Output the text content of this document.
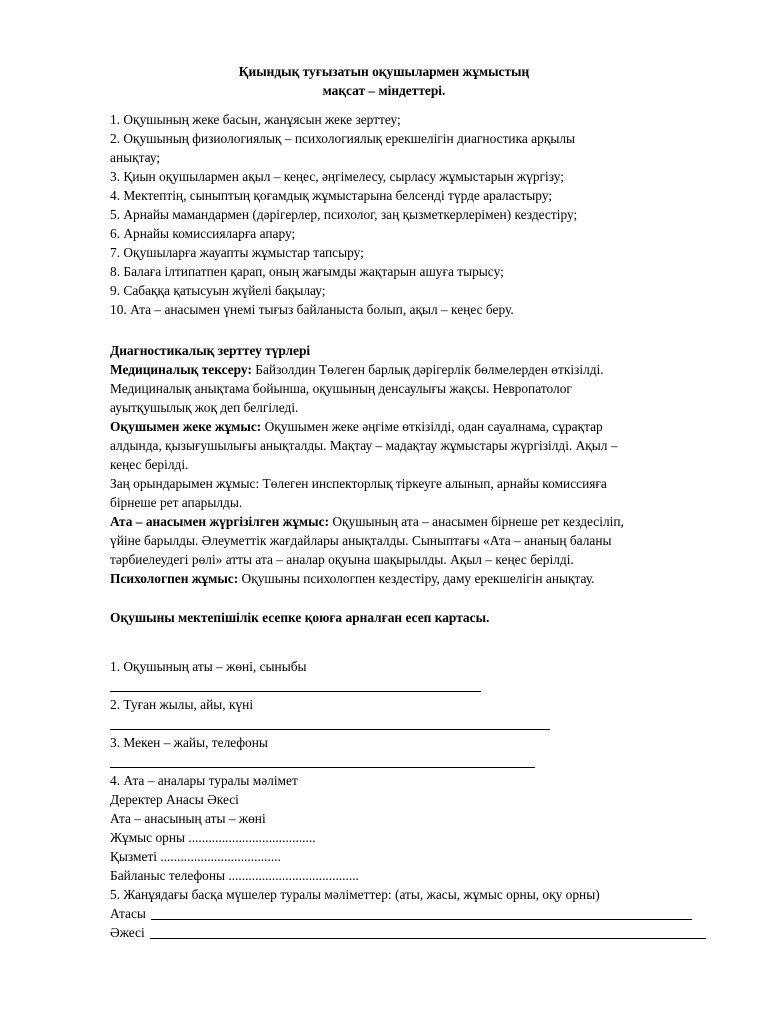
Қиындық туғызатын оқушылармен жұмыстың
мақсат – міндеттері.
1. Оқушының жеке басын, жанұясын жеке зерттеу;
2. Оқушының физиологиялық – психологиялық ерекшелігін диагностика арқылы
анықтау;
3. Қиын оқушылармен ақыл – кеңес, әңгімелесу, сырласу жұмыстарын жүргізу;
4. Мектептің, сыныптың қоғамдық жұмыстарына белсенді түрде араластыру;
5. Арнайы мамандармен (дәрігерлер, психолог, заң қызметкерлерімен) кездестіру;
6. Арнайы комиссияларға апару;
7. Оқушыларға жауапты жұмыстар тапсыру;
8. Балаға ілтипатпен қарап, оның жағымды жақтарын ашуға тырысу;
9. Сабаққа қатысуын жүйелі бақылау;
10. Ата – анасымен үнемі тығыз байланыста болып, ақыл – кеңес беру.
Диагностикалық зерттеу түрлері
Медициналық тексеру: Байзолдин Төлеген барлық дәрігерлік бөлмелерден өткізілді.
Медициналық анықтама бойынша, оқушының денсаулығы жақсы. Невропатолог
ауытқушылық жоқ деп белгіледі.
Оқушымен жеке жұмыс: Оқушымен жеке әңгіме өткізілді, одан сауалнама, сұрақтар
алдында, қызығушылығы анықталды. Мақтау – мадақтау жұмыстары жүргізілді. Ақыл –
кеңес берілді.
Заң орындарымен жұмыс: Төлеген инспекторлық тіркеуге алынып, арнайы комиссияға
бірнеше рет апарылды.
Ата – анасымен жүргізілген жұмыс: Оқушының ата – анасымен бірнеше рет кездесіліп,
үйіне барылды. Әлеуметтік жағдайлары анықталды. Сыныптағы «Ата – ананың баланы
тәрбиелеудегі рөлі» атты ата – аналар оқуына шақырылды. Ақыл – кеңес берілді.
Психологпен жұмыс: Оқушыны психологпен кездестіру, даму ерекшелігін анықтау.
Оқушыны мектепішілік есепке қоюға арналған есеп картасы.
1. Оқушының аты – жөні, сыныбы
2. Туған жылы, айы, күні
3. Мекен – жайы, телефоны
4. Ата – аналары туралы мәлімет
Деректер Анасы Әкесі
Ата – анасының аты – жөні
Жұмыс орны ......................................
Қызметі ....................................
Байланыс телефоны .......................................
5. Жанұядағы басқа мүшелер туралы мәліметтер: (аты, жасы, жұмыс орны, оқу орны)
Атасы
Әжесі
